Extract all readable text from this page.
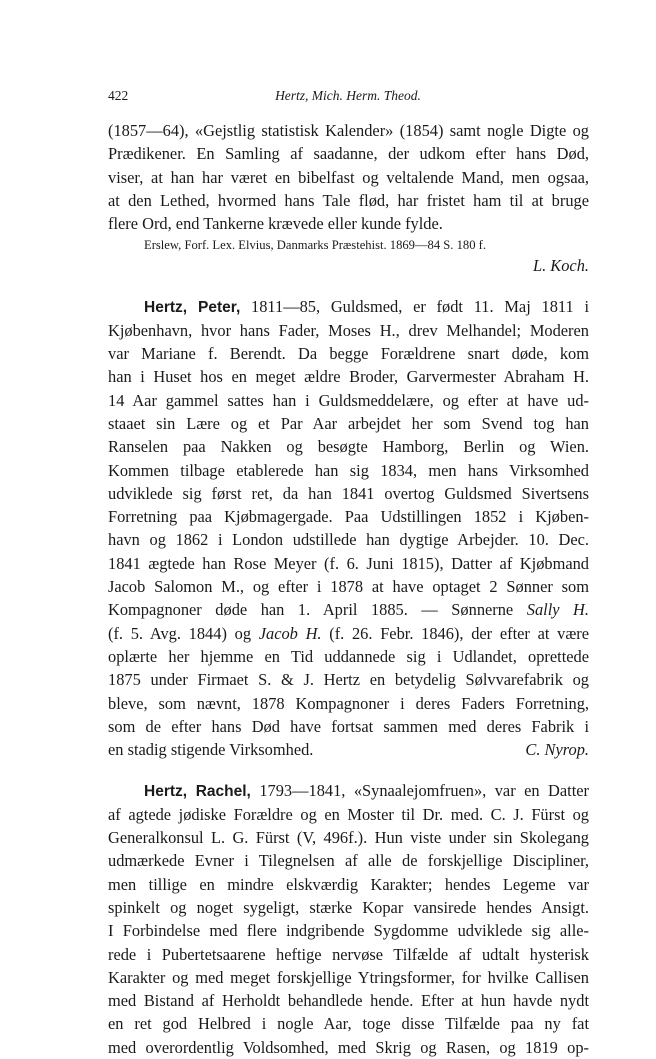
422	Hertz, Mich. Herm. Theod.
(1857—64), «Gejstlig statistisk Kalender» (1854) samt nogle Digte og
Prædikener. En Samling af saadanne, der udkom efter hans Død,
viser, at han har været en bibelfast og veltalende Mand, men ogsaa,
at den Lethed, hvormed hans Tale flød, har fristet ham til at bruge
flere Ord, end Tankerne krævede eller kunde fylde.
Erslew, Forf. Lex. Elvius, Danmarks Præstehist. 1869—84 S. 180 f.
L. Koch.
Hertz, Peter, 1811—85, Guldsmed, er født 11. Maj 1811 i
Kjøbenhavn, hvor hans Fader, Moses H., drev Melhandel; Moderen
var Mariane f. Berendt. Da begge Forældrene snart døde, kom
han i Huset hos en meget ældre Broder, Garvermester Abraham H.
14 Aar gammel sattes han i Guldsmeddelære, og efter at have ud-
staaet sin Lære og et Par Aar arbejdet her som Svend tog han
Ranselen paa Nakken og besøgte Hamborg, Berlin og Wien.
Kommen tilbage etablerede han sig 1834, men hans Virksomhed
udviklede sig først ret, da han 1841 overtog Guldsmed Sivertsens
Forretning paa Kjøbmagergade. Paa Udstillingen 1852 i Kjøben-
havn og 1862 i London udstillede han dygtige Arbejder. 10. Dec.
1841 ægtede han Rose Meyer (f. 6. Juni 1815), Datter af Kjøbmand
Jacob Salomon M., og efter i 1878 at have optaget 2 Sønner som
Kompagnoner døde han 1. April 1885. — Sønnerne Sally H.
(f. 5. Avg. 1844) og Jacob H. (f. 26. Febr. 1846), der efter at være
oplærte her hjemme en Tid uddannede sig i Udlandet, oprettede
1875 under Firmaet S. & J. Hertz en betydelig Sølvvarefabrik og
bleve, som nævnt, 1878 Kompagnoner i deres Faders Forretning,
som de efter hans Død have fortsat sammen med deres Fabrik i
en stadig stigende Virksomhed.	C. Nyrop.
Hertz, Rachel, 1793—1841, «Synaalejomfruen», var en Datter
af agtede jødiske Forældre og en Moster til Dr. med. C. J. Fürst og
Generalkonsul L. G. Fürst (V, 496f.). Hun viste under sin Skolegang
udmærkede Evner i Tilegnelsen af alle de forskjellige Discipliner,
men tillige en mindre elskværdig Karakter; hendes Legeme var
spinkelt og noget sygeligt, stærke Kopar vansirede hendes Ansigt.
I Forbindelse med flere indgribende Sygdomme udviklede sig alle-
rede i Pubertetsaarene heftige nervøse Tilfælde af udtalt hysterisk
Karakter og med meget forskjellige Ytringsformer, for hvilke Callisen
med Bistand af Herholdt behandlede hende. Efter at hun havde nydt
en ret god Helbred i nogle Aar, toge disse Tilfælde paa ny fat
med overordentlig Voldsomhed, med Skrig og Rasen, og 1819 op-
